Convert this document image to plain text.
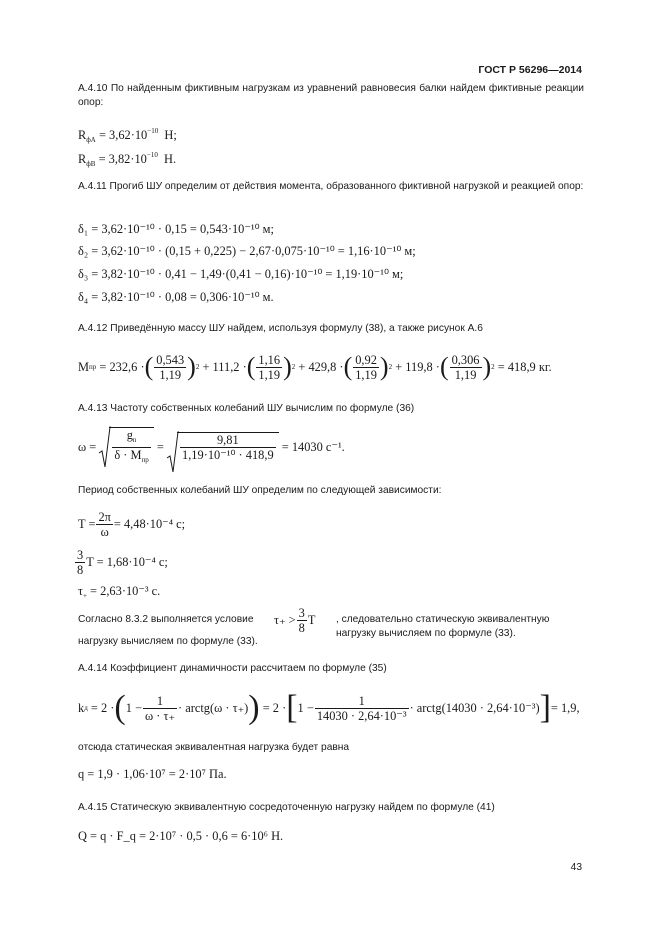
ГОСТ Р 56296—2014
А.4.10 По найденным фиктивным нагрузкам из уравнений равновесия балки найдем фиктивные реакции опор:
$R_{фА} = 3,62\cdot 10^{-10}$ Н;
$R_{фВ} = 3,82\cdot 10^{-10}$ Н.
А.4.11 Прогиб ШУ определим от действия момента, образованного фиктивной нагрузкой и реакцией опор:
δ₁ = 3,62·10⁻¹⁰ · 0,15 = 0,543·10⁻¹⁰ м;
δ₂ = 3,62·10⁻¹⁰ · (0,15 + 0,225) − 2,67·0,075·10⁻¹⁰ = 1,16·10⁻¹⁰ м;
δ₃ = 3,82·10⁻¹⁰ · 0,41 − 1,49·(0,41 − 0,16)·10⁻¹⁰ = 1,19·10⁻¹⁰ м;
δ₄ = 3,82·10⁻¹⁰ · 0,08 = 0,306·10⁻¹⁰ м.
А.4.12 Приведённую массу ШУ найдем, используя формулу (38), а также рисунок А.6
M пр
= 232,6 · ( $\frac{0,543}{1,19}$ ) 2
+ 111,2 · ( $\frac{1,16}{1,19}$ ) 2
+ 429,8 · ( $\frac{0,92}{1,19}$ ) 2
+ 119,8 · ( $\frac{0,306}{1,19}$ ) 2
= 418,9 кг.
А.4.13 Частоту собственных колебаний ШУ вычислим по формуле (36)
ω =
$\frac{g_n}{\delta \cdot M_{пр}}$
=
$\frac{9,81}{\text{1,19·10⁻¹⁰ · 418,9}}$
= 14030 с⁻¹.
Период собственных колебаний ШУ определим по следующей зависимости:
$T = \frac{2\pi}{\omega} = 4,48\cdot 10^{-4}$ с;
$\frac{3}{8}$ T = 1,68·10⁻⁴ с;
$\tau_+ = 2,63\cdot 10^{-3}$ с.
Согласно 8.3.2 выполняется условие $\tau_+ > \frac{3}{8}$ T , следовательно статическую эквивалентную нагрузку вычисляем по формуле (33).
нагрузку вычисляем по формуле (33).
А.4.14 Коэффициент динамичности рассчитаем по формуле (35)
k д
= 2 · ( $1 - \frac{1}{\omega \cdot \tau_+}$ · arctg(ω · τ₊) )
= 2 · [ $1 - \frac{1}{\text{14030 · 2,64·10⁻³}}$ · arctg(14030 · 2,64·10⁻³) ] = 1,9,
отсюда статическая эквивалентная нагрузка будет равна
q = 1,9 · 1,06·10⁷ = 2·10⁷ Па.
А.4.15 Статическую эквивалентную сосредоточенную нагрузку найдем по формуле (41)
Q = q · F_q = 2·10⁷ · 0,5 · 0,6 = 6·10⁶ Н.
43
